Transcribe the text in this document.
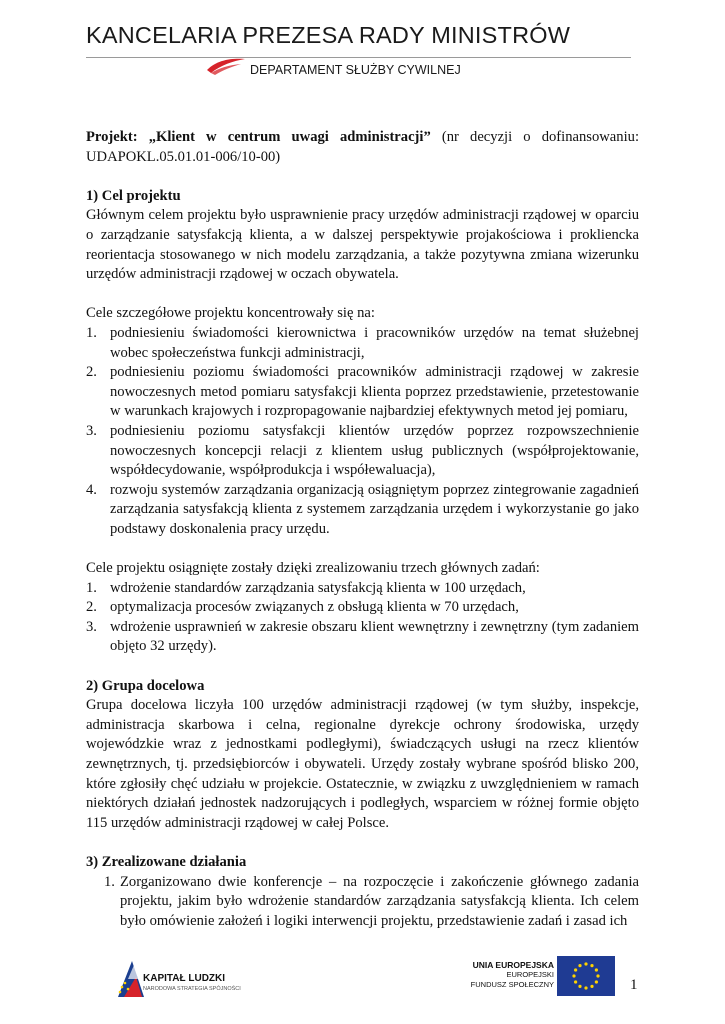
KANCELARIA PREZESA RADY MINISTRÓW
DEPARTAMENT SŁUŻBY CYWILNEJ

Projekt: „Klient w centrum uwagi administracji” (nr decyzji o dofinansowaniu: UDAPOKL.05.01.01-006/10-00)

1) Cel projektu

Głównym celem projektu było usprawnienie pracy urzędów administracji rządowej w oparciu o zarządzanie satysfakcją klienta, a w dalszej perspektywie projakościowa i proklienckа reorientacja stosowanego w nich modelu zarządzania, a także pozytywna zmiana wizerunku urzędów administracji rządowej w oczach obywatela.

Cele szczegółowe projektu koncentrowały się na:

1. podniesieniu świadomości kierownictwa i pracowników urzędów na temat służebnej wobec społeczeństwa funkcji administracji,
2. podniesieniu poziomu świadomości pracowników administracji rządowej w zakresie nowoczesnych metod pomiaru satysfakcji klienta poprzez przedstawienie, przetestowanie w warunkach krajowych i rozpropagowanie najbardziej efektywnych metod jej pomiaru,
3. podniesieniu poziomu satysfakcji klientów urzędów poprzez rozpowszechnienie nowoczesnych koncepcji relacji z klientem usług publicznych (współprojektowanie, współdecydowanie, współprodukcja i współewaluacja),
4. rozwoju systemów zarządzania organizacją osiągniętym poprzez zintegrowanie zagadnień zarządzania satysfakcją klienta z systemem zarządzania urzędem i wykorzystanie go jako podstawy doskonalenia pracy urzędu.

Cele projektu osiągnięte zostały dzięki zrealizowaniu trzech głównych zadań:

1. wdrożenie standardów zarządzania satysfakcją klienta w 100 urzędach,
2. optymalizacja procesów związanych z obsługą klienta w 70 urzędach,
3. wdrożenie usprawnień w zakresie obszaru klient wewnętrzny i zewnętrzny (tym zadaniem objęto 32 urzędy).

2) Grupa docelowa

Grupa docelowa liczyła 100 urzędów administracji rządowej (w tym służby, inspekcje, administracja skarbowa i celna, regionalne dyrekcje ochrony środowiska, urzędy wojewódzkie wraz z jednostkami podległymi), świadczących usługi na rzecz klientów zewnętrznych, tj. przedsiębiorców i obywateli. Urzędy zostały wybrane spośród blisko 200, które zgłosiły chęć udziału w projekcie. Ostatecznie, w związku z uwzględnieniem w ramach niektórych działań jednostek nadzorujących i podległych, wsparciem w różnej formie objęto 115 urzędów administracji rządowej w całej Polsce.

3) Zrealizowane działania

1. Zorganizowano dwie konferencje – na rozpoczęcie i zakończenie głównego zadania projektu, jakim było wdrożenie standardów zarządzania satysfakcją klienta. Ich celem było omówienie założeń i logiki interwencji projektu, przedstawienie zadań i zasad ich
KAPITAŁ LUDZKI
NARODOWA STRATEGIA SPÓJNOŚCI
UNIA EUROPEJSKA
EUROPEJSKI
FUNDUSZ SPOŁECZNY	1
